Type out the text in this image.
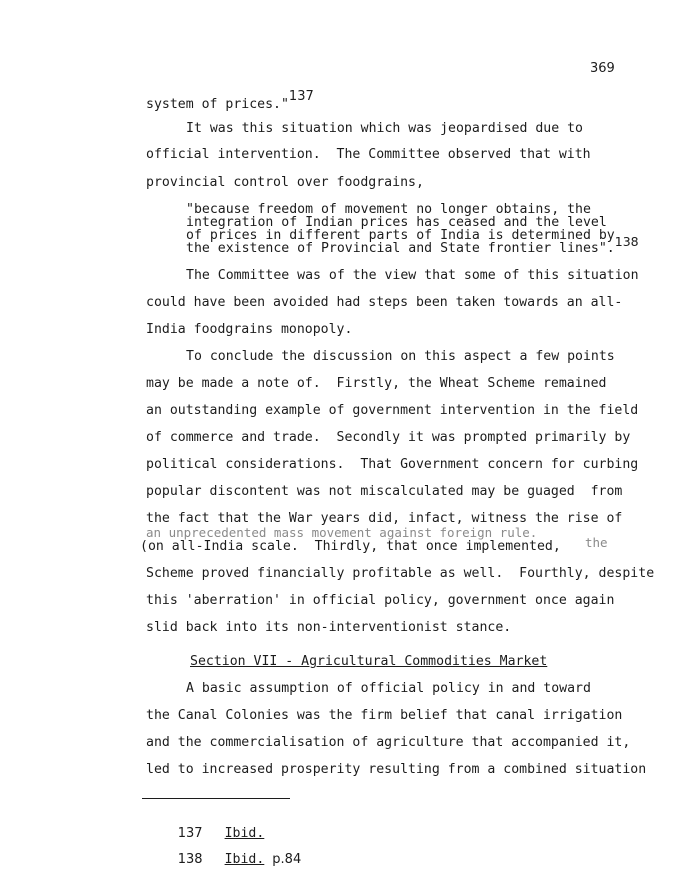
369
system of prices."137
It was this situation which was jeopardised due to
official intervention.  The Committee observed that with
provincial control over foodgrains,
"because freedom of movement no longer obtains, the
integration of Indian prices has ceased and the level
of prices in different parts of India is determined by
the existence of Provincial and State frontier lines".138
The Committee was of the view that some of this situation
could have been avoided had steps been taken towards an all-
India foodgrains monopoly.
To conclude the discussion on this aspect a few points
may be made a note of.  Firstly, the Wheat Scheme remained
an outstanding example of government intervention in the field
of commerce and trade.  Secondly it was prompted primarily by
political considerations.  That Government concern for curbing
popular discontent was not miscalculated may be guaged  from
the fact that the War years did, infact, witness the rise of
an unprecedented mass movement against foreign rule.
(on all-India scale.  Thirdly, that once implemented, the
Scheme proved financially profitable as well.  Fourthly, despite
this 'aberration' in official policy, government once again
slid back into its non-interventionist stance.
Section VII - Agricultural Commodities Market
A basic assumption of official policy in and toward
the Canal Colonies was the firm belief that canal irrigation
and the commercialisation of agriculture that accompanied it,
led to increased prosperity resulting from a combined situation

137 Ibid.

138 Ibid. p.84
